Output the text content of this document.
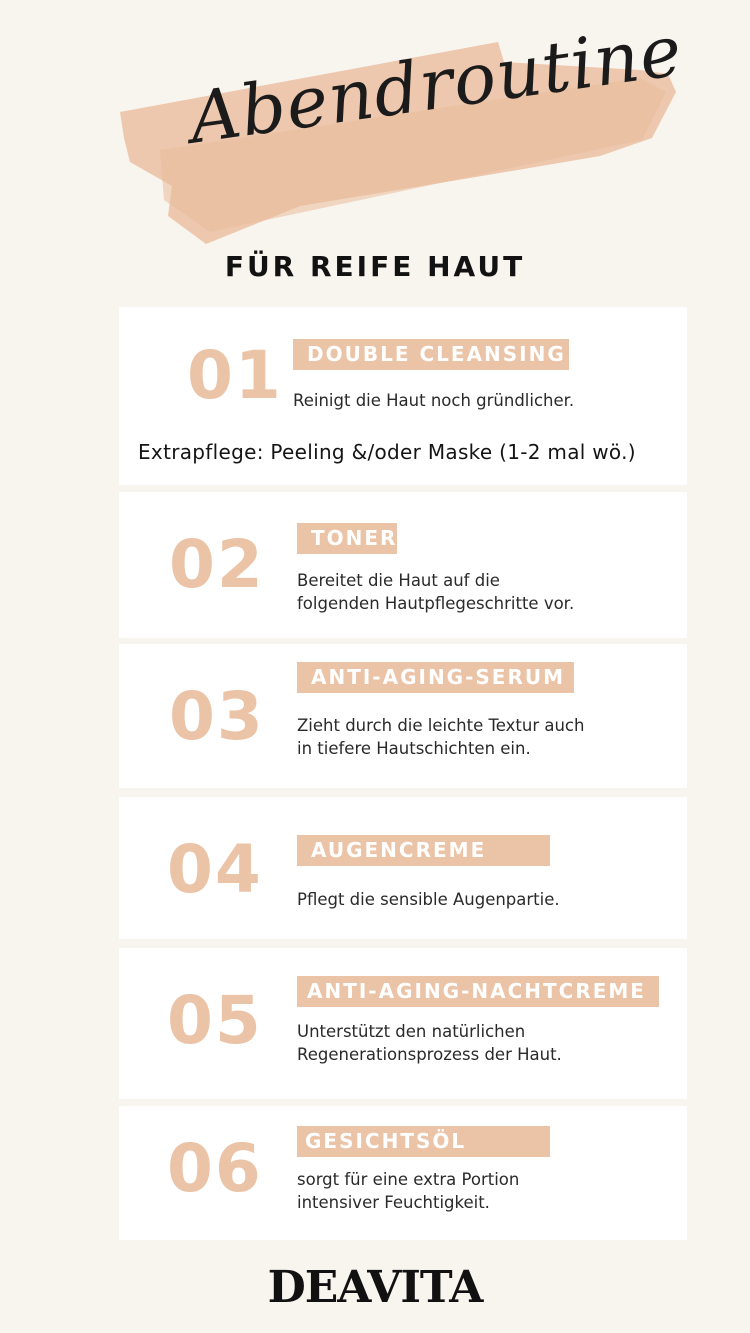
Abendroutine
FÜR REIFE HAUT
01	DOUBLE CLEANSING
Reinigt die Haut noch gründlicher.
Extrapflege: Peeling &/oder Maske (1-2 mal wö.)
02	TONER
Bereitet die Haut auf die
folgenden Hautpflegeschritte vor.
03
ANTI-AGING-SERUM
Zieht durch die leichte Textur auch
in tiefere Hautschichten ein.
04	AUGENCREME
Pflegt die sensible Augenpartie.
05	ANTI-AGING-NACHTCREME
Unterstützt den natürlichen
Regenerationsprozess der Haut.
06	GESICHTSÖL
sorgt für eine extra Portion
intensiver Feuchtigkeit.
DEAVITA
